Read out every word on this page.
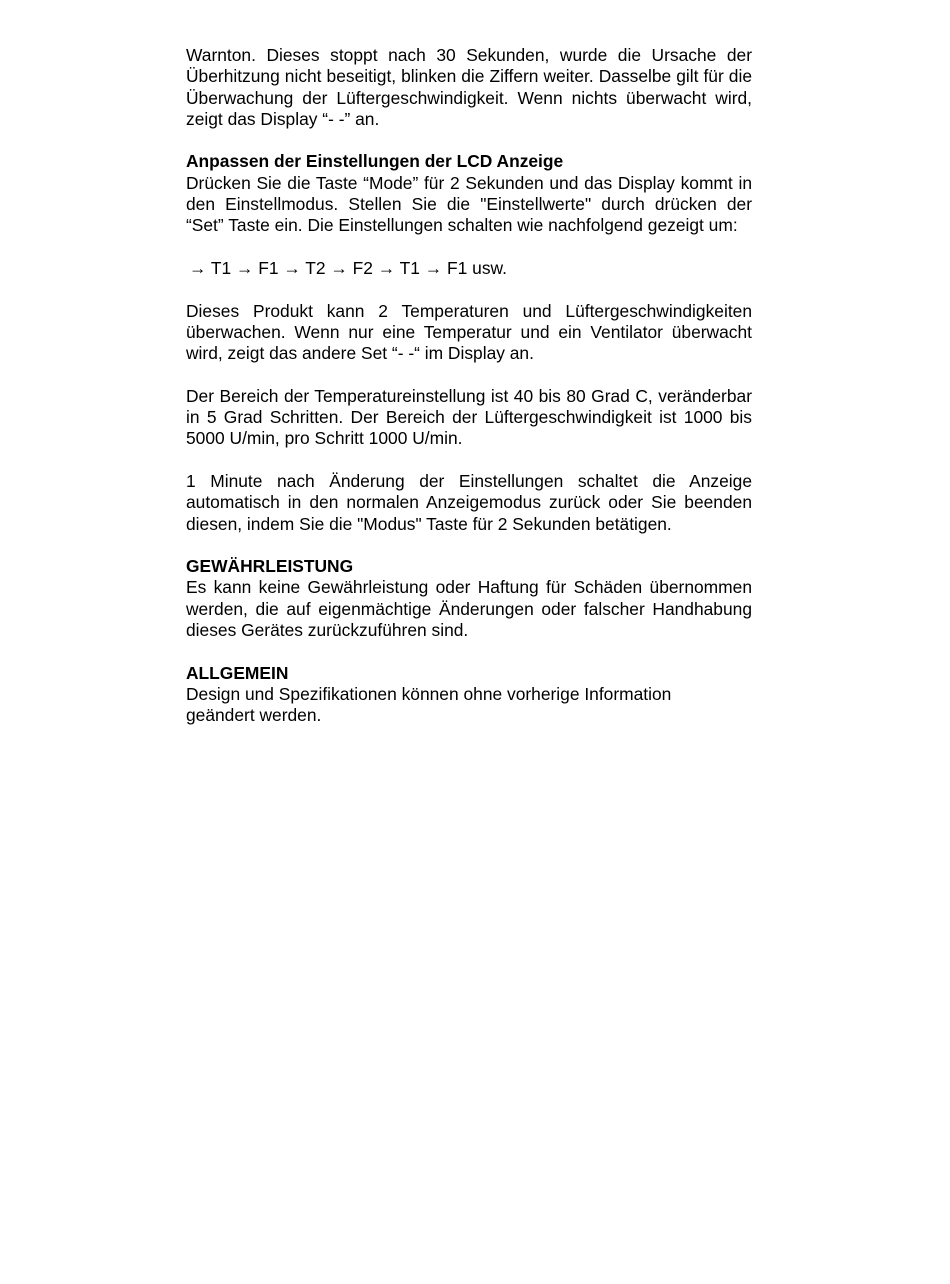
Warnton. Dieses stoppt nach 30 Sekunden, wurde die Ursache der Überhitzung nicht beseitigt, blinken die Ziffern weiter. Dasselbe gilt für die Überwachung der Lüftergeschwindigkeit. Wenn nichts überwacht wird, zeigt das Display “- -” an.

Anpassen der Einstellungen der LCD Anzeige

Drücken Sie die Taste “Mode” für 2 Sekunden und das Display kommt in den Einstellmodus. Stellen Sie die "Einstellwerte" durch drücken der “Set” Taste ein. Die Einstellungen schalten wie nachfolgend gezeigt um:

→ T1 → F1 → T2 → F2 → T1 → F1 usw.

Dieses Produkt kann 2 Temperaturen und Lüftergeschwindigkeiten überwachen. Wenn nur eine Temperatur und ein Ventilator überwacht wird, zeigt das andere Set “- -“ im Display an.

Der Bereich der Temperatureinstellung ist 40 bis 80 Grad C, veränderbar in 5 Grad Schritten. Der Bereich der Lüftergeschwindigkeit ist 1000 bis 5000 U/min, pro Schritt 1000 U/min.

1 Minute nach Änderung der Einstellungen schaltet die Anzeige automatisch in den normalen Anzeigemodus zurück oder Sie beenden diesen, indem Sie die "Modus" Taste für 2 Sekunden betätigen.

GEWÄHRLEISTUNG

Es kann keine Gewährleistung oder Haftung für Schäden übernommen werden, die auf eigenmächtige Änderungen oder falscher Handhabung dieses Gerätes zurückzuführen sind.

ALLGEMEIN

Design und Spezifikationen können ohne vorherige Information

geändert werden.
